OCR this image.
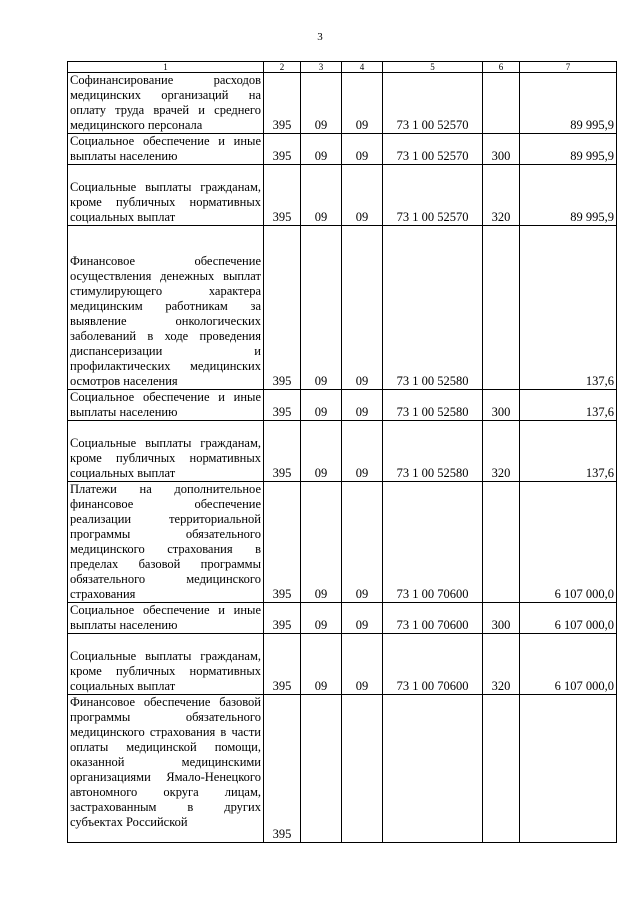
3
1	2	3	4	5	6	7
Софинансирование расходов медицинских организаций на оплату труда врачей и среднего медицинского персонала	395	09	09	73 1 00 52570		89 995,9
Социальное обеспечение и иные выплаты населению	395	09	09	73 1 00 52570	300	89 995,9
Социальные выплаты гражданам, кроме публичных нормативных социальных выплат	395	09	09	73 1 00 52570	320	89 995,9
Финансовое обеспечение осуществления денежных выплат стимулирующего характера медицинским работникам за выявление онкологических заболеваний в ходе проведения диспансеризации и профилактических медицинских осмотров населения	395	09	09	73 1 00 52580		137,6
Социальное обеспечение и иные выплаты населению	395	09	09	73 1 00 52580	300	137,6
Социальные выплаты гражданам, кроме публичных нормативных социальных выплат	395	09	09	73 1 00 52580	320	137,6
Платежи на дополнительное финансовое обеспечение реализации территориальной программы обязательного медицинского страхования в пределах базовой программы обязательного медицинского страхования	395	09	09	73 1 00 70600		6 107 000,0
Социальное обеспечение и иные выплаты населению	395	09	09	73 1 00 70600	300	6 107 000,0
Социальные выплаты гражданам, кроме публичных нормативных социальных выплат	395	09	09	73 1 00 70600	320	6 107 000,0
Финансовое обеспечение базовой программы обязательного медицинского страхования в части оплаты медицинской помощи, оказанной медицинскими организациями Ямало-Ненецкого автономного округа лицам, застрахованным в других субъектах Российской	395					
